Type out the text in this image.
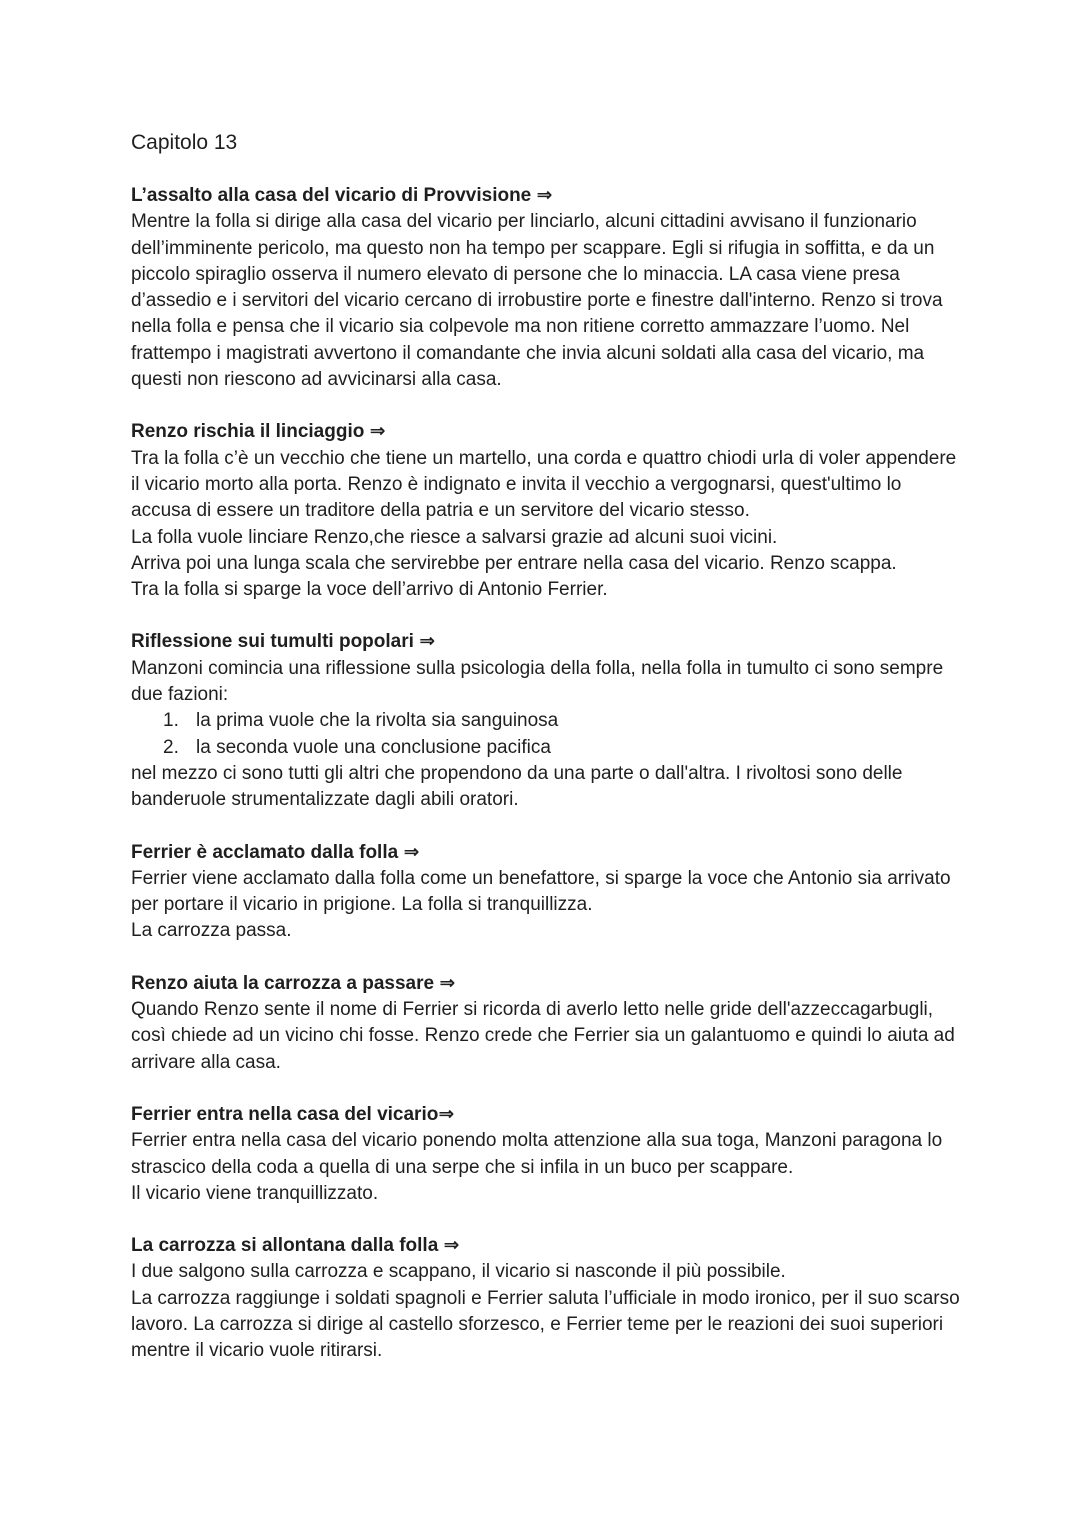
Capitolo 13
L’assalto alla casa del vicario di Provvisione ⇒

Mentre la folla si dirige alla casa del vicario per linciarlo, alcuni cittadini avvisano il funzionario dell’imminente pericolo, ma questo non ha tempo per scappare. Egli si rifugia in soffitta, e da un piccolo spiraglio osserva il numero elevato di persone che lo minaccia. LA casa viene presa d’assedio e i servitori del vicario cercano di irrobustire porte e finestre dall'interno. Renzo si trova nella folla e pensa che il vicario sia colpevole ma non ritiene corretto ammazzare l’uomo. Nel frattempo i magistrati avvertono il comandante che invia alcuni soldati alla casa del vicario, ma questi non riescono ad avvicinarsi alla casa.

Renzo rischia il linciaggio ⇒

Tra la folla c’è un vecchio che tiene un martello, una corda e quattro chiodi urla di voler appendere il vicario morto alla porta. Renzo è indignato e invita il vecchio a vergognarsi, quest'ultimo lo accusa di essere un traditore della patria e un servitore del vicario stesso.

La folla vuole linciare Renzo,che riesce a salvarsi grazie ad alcuni suoi vicini.

Arriva poi una lunga scala che servirebbe per entrare nella casa del vicario. Renzo scappa.

Tra la folla si sparge la voce dell’arrivo di Antonio Ferrier.

Riflessione sui tumulti popolari ⇒

Manzoni comincia una riflessione sulla psicologia della folla, nella folla in tumulto ci sono sempre due fazioni:

1. la prima vuole che la rivolta sia sanguinosa
2. la seconda vuole una conclusione pacifica

nel mezzo ci sono tutti gli altri che propendono da una parte o dall'altra. I rivoltosi sono delle banderuole strumentalizzate dagli abili oratori.

Ferrier è acclamato dalla folla ⇒

Ferrier viene acclamato dalla folla come un benefattore, si sparge la voce che Antonio sia arrivato per portare il vicario in prigione. La folla si tranquillizza.

La carrozza passa.

Renzo aiuta la carrozza a passare ⇒

Quando Renzo sente il nome di Ferrier si ricorda di averlo letto nelle gride dell'azzeccagarbugli, così chiede ad un vicino chi fosse. Renzo crede che Ferrier sia un galantuomo e quindi lo aiuta ad arrivare alla casa.

Ferrier entra nella casa del vicario⇒

Ferrier entra nella casa del vicario ponendo molta attenzione alla sua toga, Manzoni paragona lo strascico della coda a quella di una serpe che si infila in un buco per scappare.

Il vicario viene tranquillizzato.

La carrozza si allontana dalla folla ⇒

I due salgono sulla carrozza e scappano, il vicario si nasconde il più possibile.

La carrozza raggiunge i soldati spagnoli e Ferrier saluta l’ufficiale in modo ironico, per il suo scarso lavoro. La carrozza si dirige al castello sforzesco, e Ferrier teme per le reazioni dei suoi superiori mentre il vicario vuole ritirarsi.
